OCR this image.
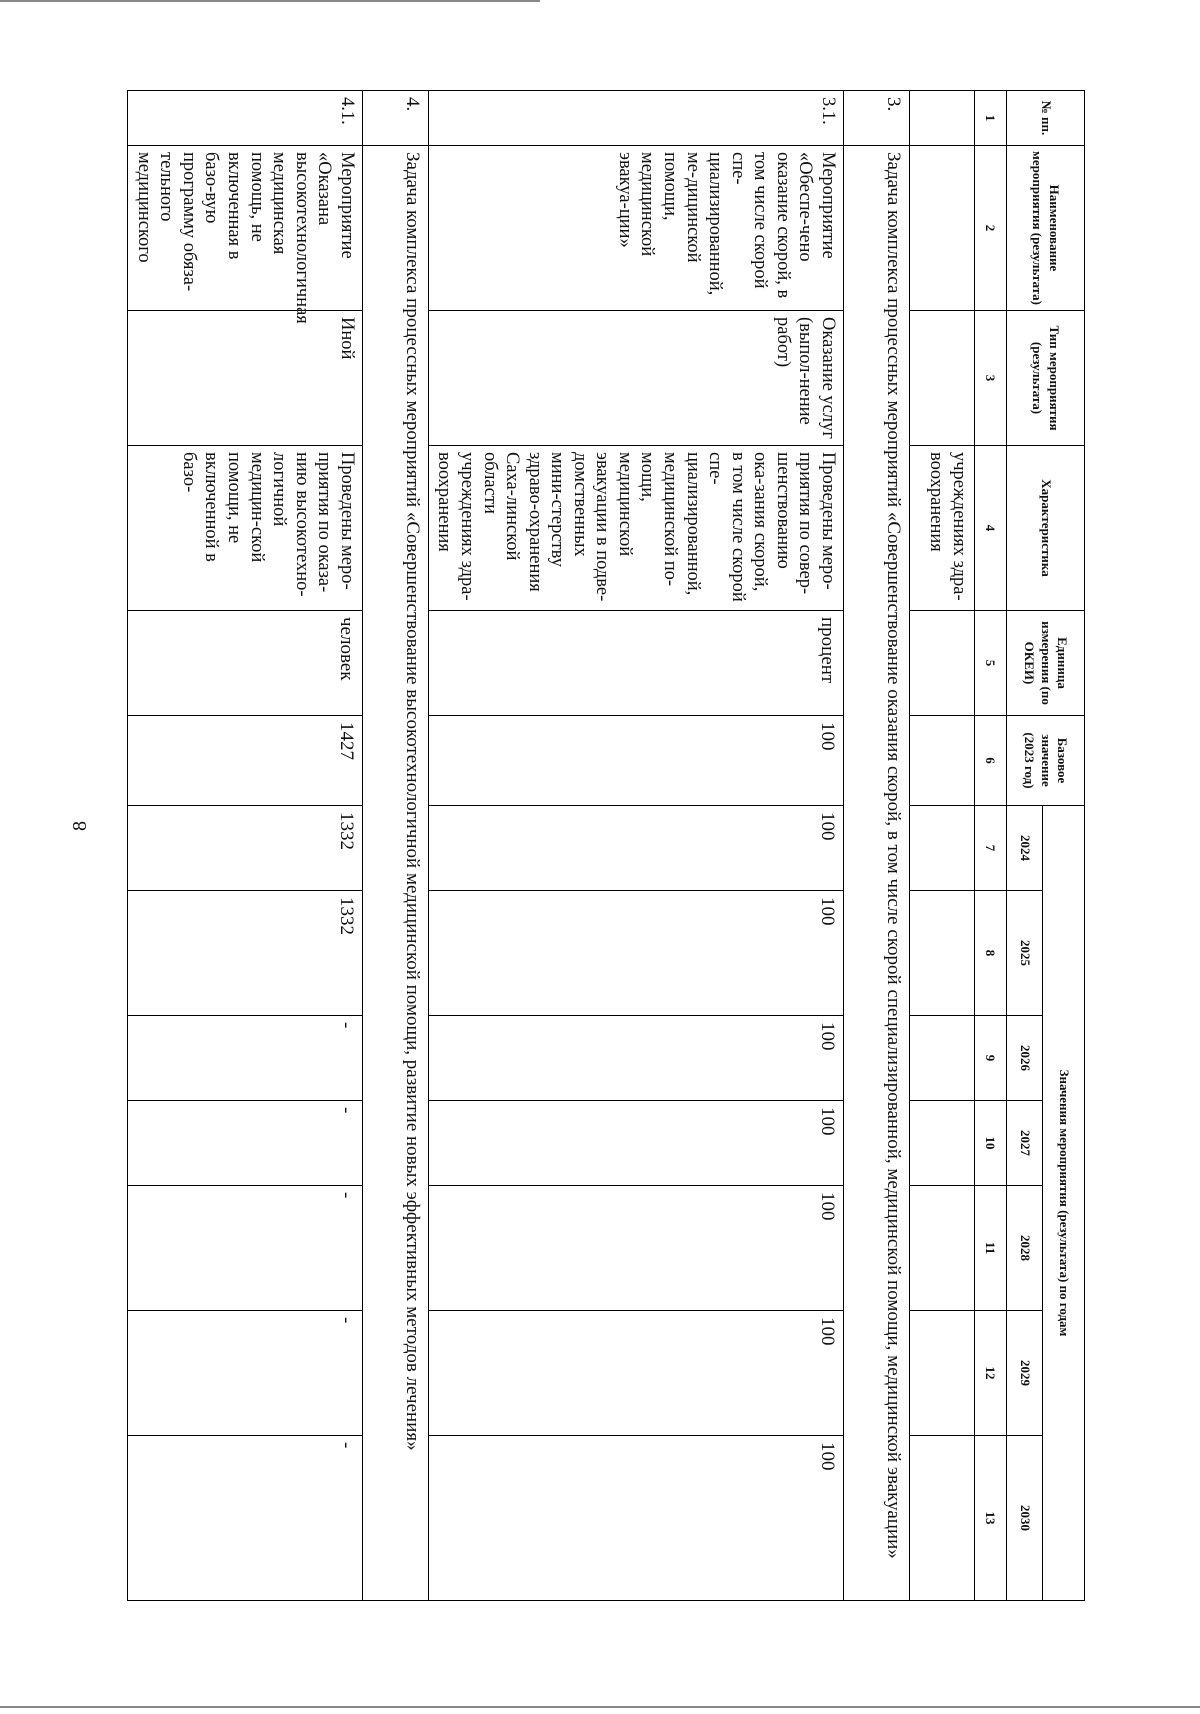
8
№ пп.	Наименование мероприятия (результата)	Тип мероприятия (результата)	Характеристика	Единица измерения (по ОКЕИ)	Базовое значение (2023 год)	Значения мероприятия (результата) по годам						
						2024	2025	2026	2027	2028	2029	2030
1	2	3	4	5	6	7	8	9	10	11	12	13
			учреждениях здра-воохранения									
3.	Задача комплекса процессных мероприятий «Совершенствование оказания скорой, в том числе скорой специализированной, медицинской помощи, медицинской эвакуации»											
3.1.	Мероприятие «Обеспе-чено оказание скорой, в том числе скорой спе-циализированной, ме-дицинской помощи, медицинской эвакуа-ции»	Оказание услуг (выпол-нение работ)	Проведены меро-приятия по совер-шенствованию ока-зания скорой, в том числе скорой спе-циализированной, медицинской по-мощи, медицинской эвакуации в подве-домственных мини-стерству здраво-охранения Саха-линской области учреждениях здра-воохранения	процент	100	100	100	100	100	100	100	100
4.	Задача комплекса процессных мероприятий «Совершенствование высокотехнологичной медицинской помощи, развитие новых эффективных методов лечения»											
4.1.	Мероприятие «Оказана высокотехнологичная медицинская помощь, не включенная в базо-вую программу обяза-тельного медицинского	Иной	Проведены меро-приятия по оказа-нию высокотехно-логичной медицин-ской помощи, не включенной в базо-	человек	1427	1332	1332	-	-	-	-	-
